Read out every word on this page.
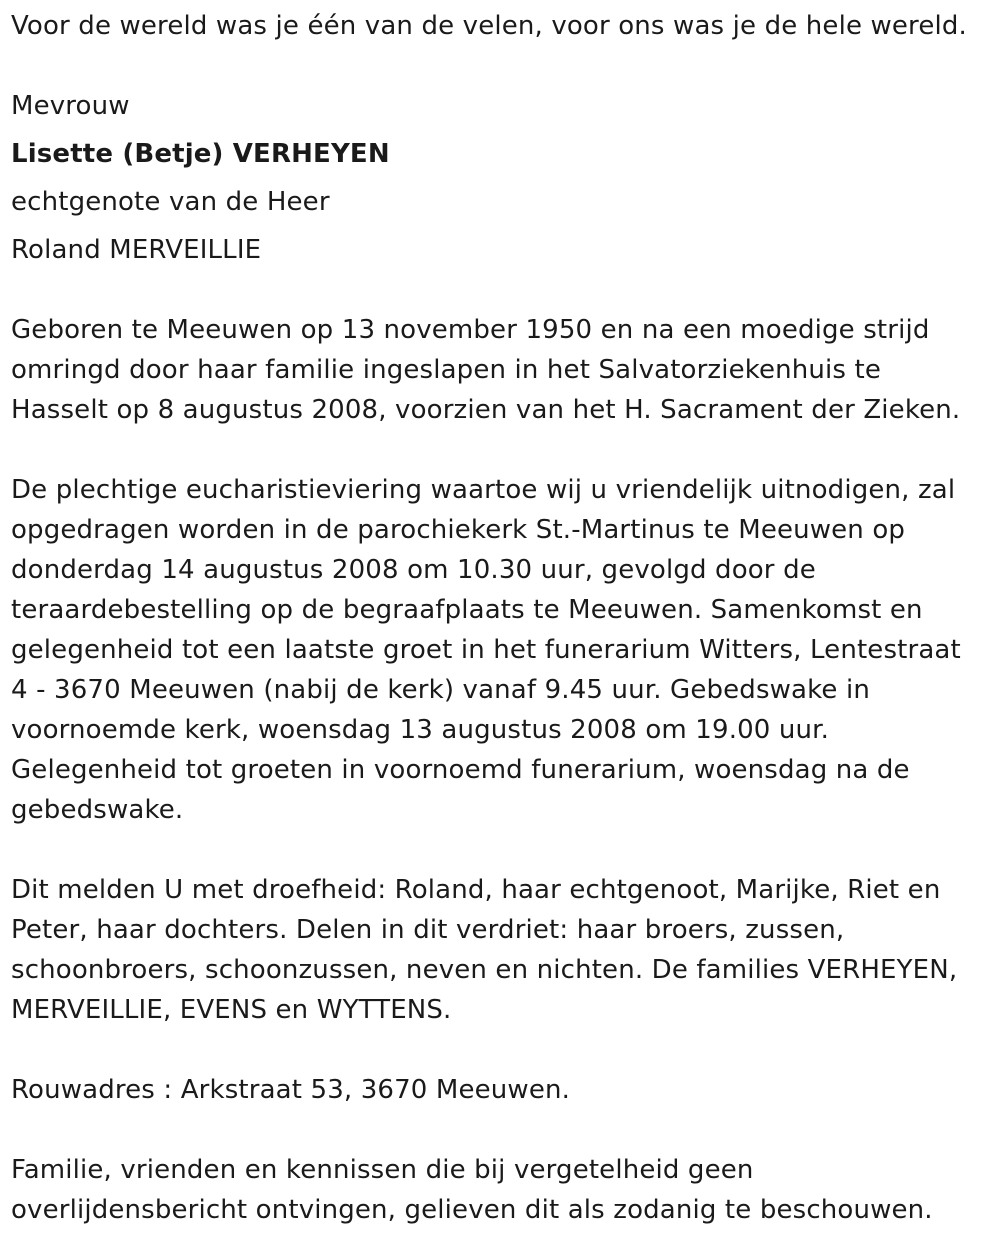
Voor de wereld was je één van de velen, voor ons was je de hele wereld.
Mevrouw
Lisette (Betje) VERHEYEN
echtgenote van de Heer
Roland MERVEILLIE
Geboren te Meeuwen op 13 november 1950 en na een moedige strijd
omringd door haar familie ingeslapen in het Salvatorziekenhuis te
Hasselt op 8 augustus 2008, voorzien van het H. Sacrament der Zieken.
De plechtige eucharistieviering waartoe wij u vriendelijk uitnodigen, zal
opgedragen worden in de parochiekerk St.-Martinus te Meeuwen op
donderdag 14 augustus 2008 om 10.30 uur, gevolgd door de
teraardebestelling op de begraafplaats te Meeuwen. Samenkomst en
gelegenheid tot een laatste groet in het funerarium Witters, Lentestraat
4 - 3670 Meeuwen (nabij de kerk) vanaf 9.45 uur. Gebedswake in
voornoemde kerk, woensdag 13 augustus 2008 om 19.00 uur.
Gelegenheid tot groeten in voornoemd funerarium, woensdag na de
gebedswake.
Dit melden U met droefheid: Roland, haar echtgenoot, Marijke, Riet en
Peter, haar dochters. Delen in dit verdriet: haar broers, zussen,
schoonbroers, schoonzussen, neven en nichten. De families VERHEYEN,
MERVEILLIE, EVENS en WYTTENS.
Rouwadres : Arkstraat 53, 3670 Meeuwen.
Familie, vrienden en kennissen die bij vergetelheid geen
overlijdensbericht ontvingen, gelieven dit als zodanig te beschouwen.
